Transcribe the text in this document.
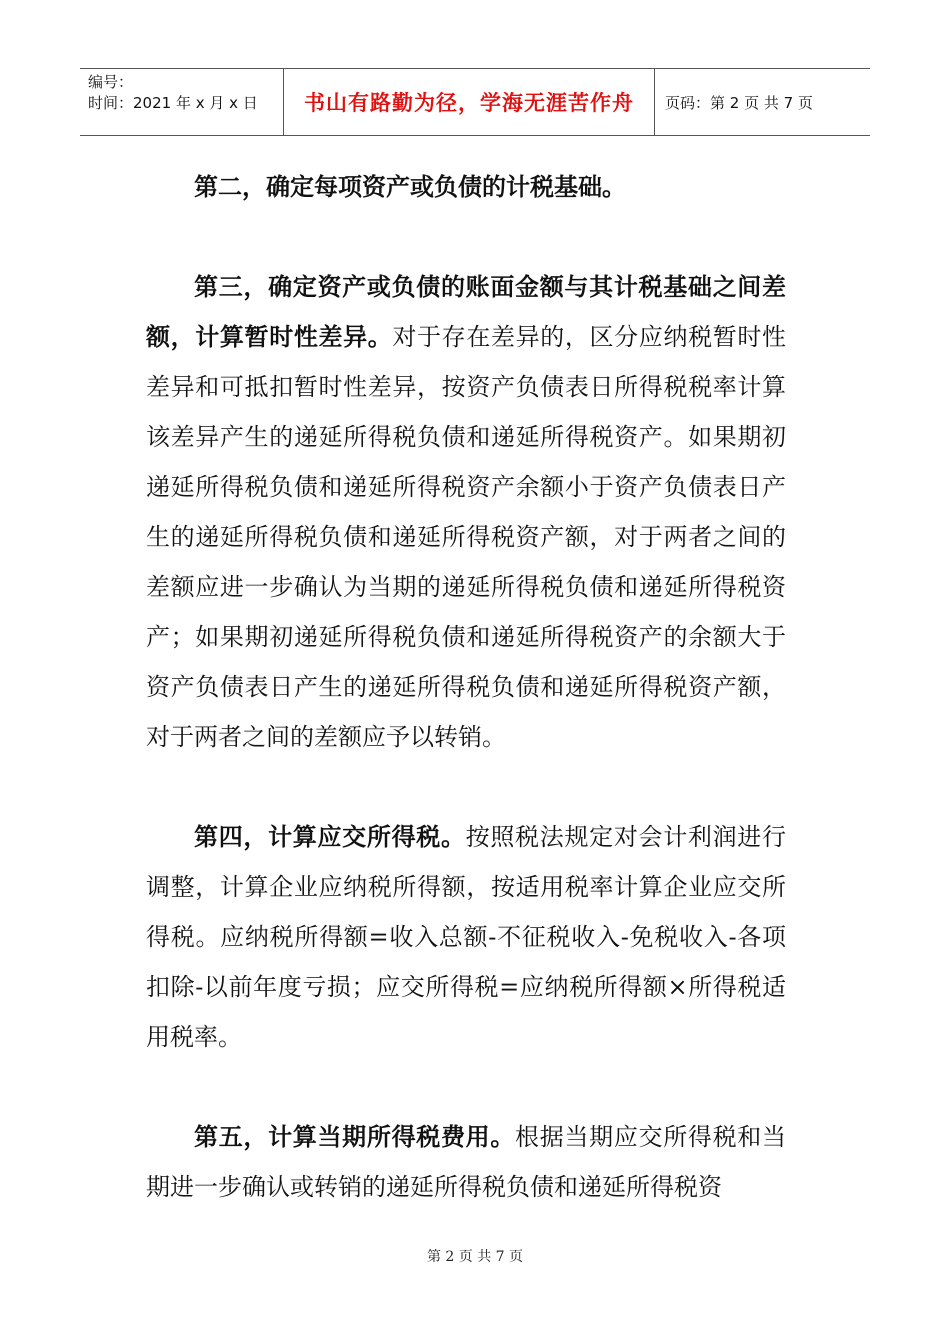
编号：
时间：2021 年 x 月 x 日	书山有路勤为径，学海无涯苦作舟	页码：第 2 页 共 7 页

第二，确定每项资产或负债的计税基础。

第三，确定资产或负债的账面金额与其计税基础之间差额，计算暂时性差异。对于存在差异的，区分应纳税暂时性差异和可抵扣暂时性差异，按资产负债表日所得税税率计算该差异产生的递延所得税负债和递延所得税资产。如果期初递延所得税负债和递延所得税资产余额小于资产负债表日产生的递延所得税负债和递延所得税资产额，对于两者之间的差额应进一步确认为当期的递延所得税负债和递延所得税资产；如果期初递延所得税负债和递延所得税资产的余额大于资产负债表日产生的递延所得税负债和递延所得税资产额，对于两者之间的差额应予以转销。

第四，计算应交所得税。按照税法规定对会计利润进行调整，计算企业应纳税所得额，按适用税率计算企业应交所得税。应纳税所得额=收入总额-不征税收入-免税收入-各项扣除-以前年度亏损；应交所得税=应纳税所得额×所得税适用税率。

第五，计算当期所得税费用。根据当期应交所得税和当期进一步确认或转销的递延所得税负债和递延所得税资

第 2 页 共 7 页
